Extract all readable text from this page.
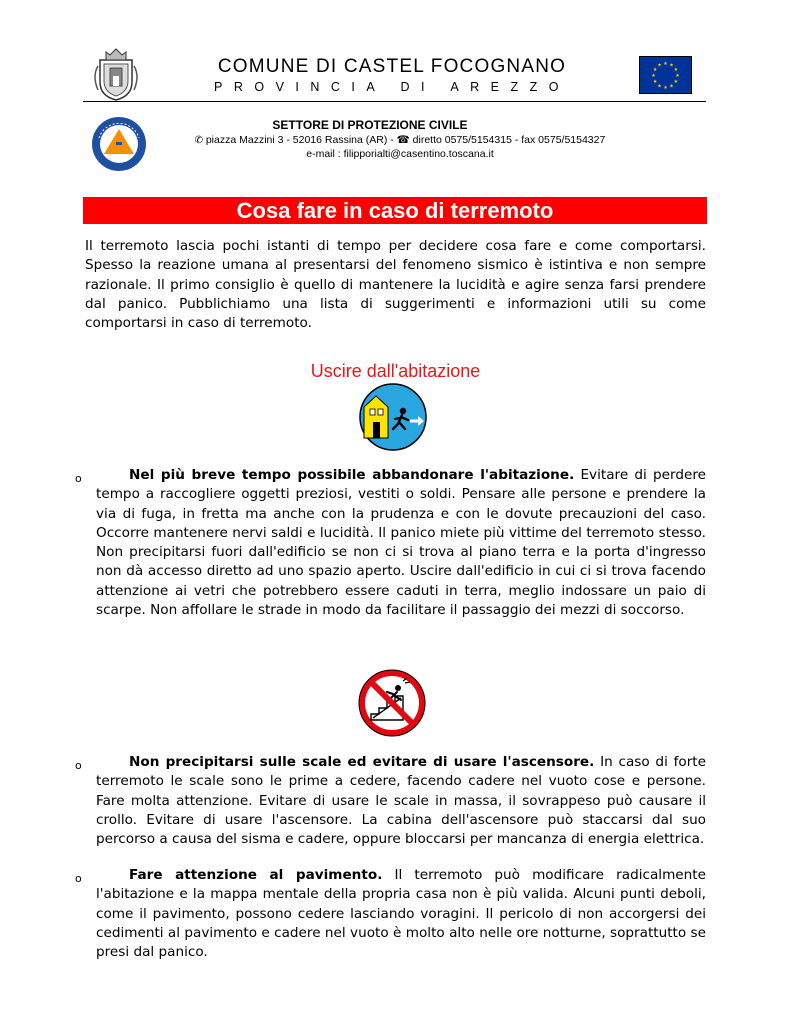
COMUNE DI CASTEL FOCOGNANO
PROVINCIA DI AREZZO
★ ★
★
★
★
★
★
★
★
★
★
★
SETTORE DI PROTEZIONE CIVILE
✆ piazza Mazzini 3 - 52016 Rassina (AR) - ☎ diretto 0575/5154315 - fax 0575/5154327
e-mail : filipporialti@casentino.toscana.it
Cosa fare in caso di terremoto
Il terremoto lascia pochi istanti di tempo per decidere cosa fare e come comportarsi. Spesso la reazione umana al presentarsi del fenomeno sismico è istintiva e non sempre razionale. Il primo consiglio è quello di mantenere la lucidità e agire senza farsi prendere dal panico. Pubblichiamo una lista di suggerimenti e informazioni utili su come comportarsi in caso di terremoto.
Uscire dall'abitazione
o	Nel più breve tempo possibile abbandonare l'abitazione. Evitare di perdere tempo a raccogliere oggetti preziosi, vestiti o soldi. Pensare alle persone e prendere la via di fuga, in fretta ma anche con la prudenza e con le dovute precauzioni del caso. Occorre mantenere nervi saldi e lucidità. Il panico miete più vittime del terremoto stesso. Non precipitarsi fuori dall'edificio se non ci si trova al piano terra e la porta d'ingresso non dà accesso diretto ad uno spazio aperto. Uscire dall'edificio in cui ci si trova facendo attenzione ai vetri che potrebbero essere caduti in terra, meglio indossare un paio di scarpe. Non affollare le strade in modo da facilitare il passaggio dei mezzi di soccorso.
o	Non precipitarsi sulle scale ed evitare di usare l'ascensore. In caso di forte terremoto le scale sono le prime a cedere, facendo cadere nel vuoto cose e persone. Fare molta attenzione. Evitare di usare le scale in massa, il sovrappeso può causare il crollo. Evitare di usare l'ascensore. La cabina dell'ascensore può staccarsi dal suo percorso a causa del sisma e cadere, oppure bloccarsi per mancanza di energia elettrica.
o	Fare attenzione al pavimento. Il terremoto può modificare radicalmente l'abitazione e la mappa mentale della propria casa non è più valida. Alcuni punti deboli, come il pavimento, possono cedere lasciando voragini. Il pericolo di non accorgersi dei cedimenti al pavimento e cadere nel vuoto è molto alto nelle ore notturne, soprattutto se presi dal panico.
